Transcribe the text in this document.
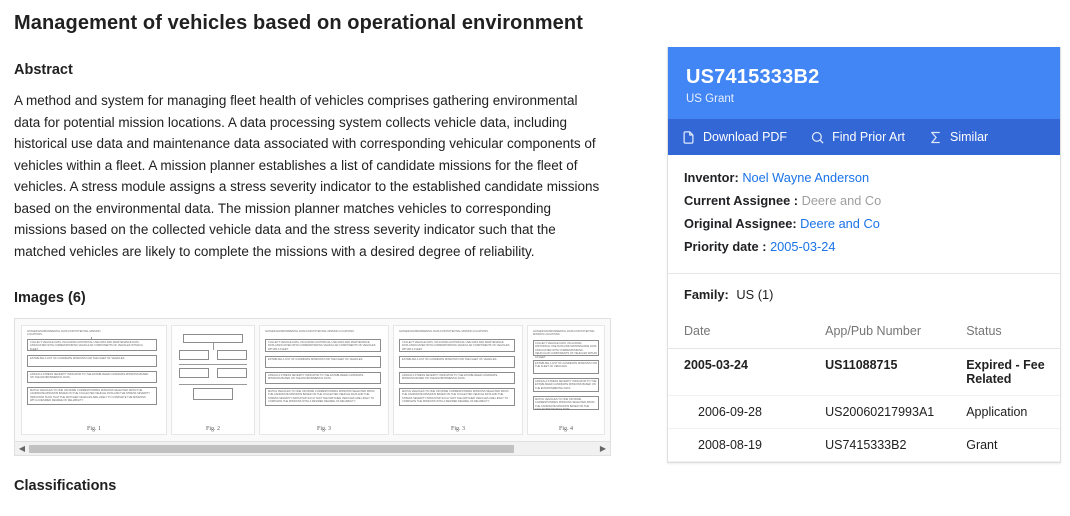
Management of vehicles based on operational environment
Abstract
A method and system for managing fleet health of vehicles comprises gathering environmental data for potential mission locations. A data processing system collects vehicle data, including historical use data and maintenance data associated with corresponding vehicular components of vehicles within a fleet. A mission planner establishes a list of candidate missions for the fleet of vehicles. A stress module assigns a stress severity indicator to the established candidate missions based on the environmental data. The mission planner matches vehicles to corresponding missions based on the collected vehicle data and the stress severity indicator such that the matched vehicles are likely to complete the missions with a desired degree of reliability.
Images (6)
GATHER ENVIRONMENTAL DATA FOR POTENTIAL MISSION
LOCATIONS.
COLLECT VEHICLE DATA, INCLUDING HISTORICAL USE DATA AND MAINTENANCE DATA ASSOCIATED WITH CORRESPONDING VEHICULAR COMPONENTS OF VEHICLES WITHIN A FLEET.
ESTABLISH A LIST OF CANDIDATE MISSIONS FOR THE FLEET OF VEHICLES.
ASSIGN A STRESS SEVERITY INDICATOR TO THE ESTABLISHED CANDIDATE MISSIONS BASED ON THE ENVIRONMENTAL DATA.
MATCH VEHICLES TO ONE OR MORE CORRESPONDING MISSIONS SELECTED FROM THE CANDIDATE MISSIONS BASED ON THE COLLECTED VEHICLE DATA AND THE STRESS SEVERITY INDICATOR SUCH THAT THE MATCHED VEHICLES ARE LIKELY TO COMPLETE THE MISSIONS WITH A DESIRED DEGREE OF RELIABILITY.
Fig. 1	Fig. 2
GATHER ENVIRONMENTAL DATA FOR POTENTIAL MISSION LOCATIONS.
COLLECT VEHICLE DATA, INCLUDING HISTORICAL USE DATA AND MAINTENANCE DATA ASSOCIATED WITH CORRESPONDING VEHICULAR COMPONENTS OF VEHICLES WITHIN A FLEET.
ESTABLISH A LIST OF CANDIDATE MISSIONS FOR THE FLEET OF VEHICLES.
ASSIGN A STRESS SEVERITY INDICATOR TO THE ESTABLISHED CANDIDATE MISSIONS BASED ON THE ENVIRONMENTAL DATA.
MATCH VEHICLES TO ONE OR MORE CORRESPONDING MISSIONS SELECTED FROM THE CANDIDATE MISSIONS BASED ON THE COLLECTED VEHICLE DATA AND THE STRESS SEVERITY INDICATOR SUCH THAT THE MATCHED VEHICLES ARE LIKELY TO COMPLETE THE MISSIONS WITH A DESIRED DEGREE OF RELIABILITY.
Fig. 3
GATHER ENVIRONMENTAL DATA FOR POTENTIAL MISSION LOCATIONS.
COLLECT VEHICLE DATA, INCLUDING HISTORICAL USE DATA AND MAINTENANCE DATA ASSOCIATED WITH CORRESPONDING VEHICULAR COMPONENTS OF VEHICLES WITHIN A FLEET.
ESTABLISH A LIST OF CANDIDATE MISSIONS FOR THE FLEET OF VEHICLES.
ASSIGN A STRESS SEVERITY INDICATOR TO THE ESTABLISHED CANDIDATE MISSIONS BASED ON THE ENVIRONMENTAL DATA.
MATCH VEHICLES TO ONE OR MORE CORRESPONDING MISSIONS SELECTED FROM THE CANDIDATE MISSIONS BASED ON THE COLLECTED VEHICLE DATA AND THE STRESS SEVERITY INDICATOR SUCH THAT THE MATCHED VEHICLES ARE LIKELY TO COMPLETE THE MISSIONS WITH A DESIRED DEGREE OF RELIABILITY.
Fig. 3
GATHER ENVIRONMENTAL DATA FOR POTENTIAL MISSION LOCATIONS.
COLLECT VEHICLE DATA, INCLUDING HISTORICAL USE DATA AND MAINTENANCE DATA ASSOCIATED WITH CORRESPONDING VEHICULAR COMPONENTS OF VEHICLES WITHIN A FLEET.
ESTABLISH A LIST OF CANDIDATE MISSIONS FOR THE FLEET OF VEHICLES.
ASSIGN A STRESS SEVERITY INDICATOR TO THE ESTABLISHED CANDIDATE MISSIONS BASED ON THE ENVIRONMENTAL DATA.
MATCH VEHICLES TO ONE OR MORE CORRESPONDING MISSIONS SELECTED FROM THE CANDIDATE MISSIONS BASED ON THE COLLECTED VEHICLE DATA.
Fig. 4
◀	▶
Classifications
US7415333B2
US Grant
Download PDF	Find Prior Art	Similar
Inventor: Noel Wayne Anderson
Current Assignee : Deere and Co
Original Assignee: Deere and Co
Priority date : 2005-03-24
Family: US (1)
Date	App/Pub Number	Status
2005-03-24	US11088715	Expired - Fee Related
2006-09-28	US20060217993A1	Application
2008-08-19	US7415333B2	Grant
